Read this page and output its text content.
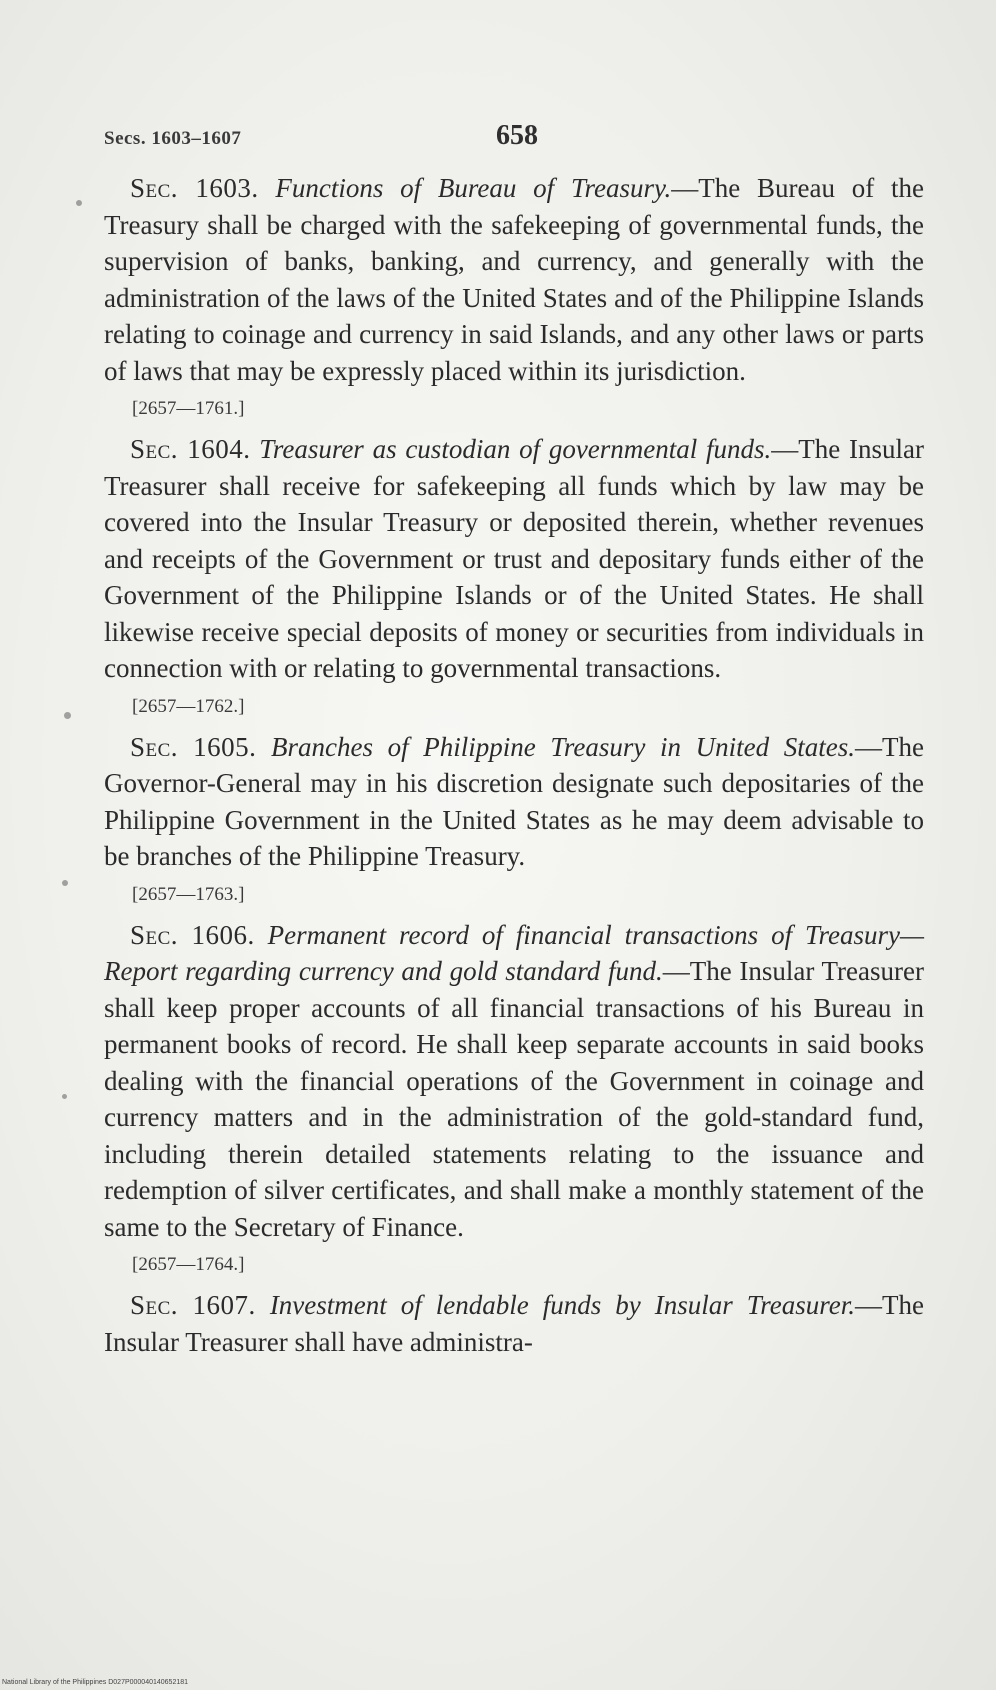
Secs. 1603–1607	658

Sec. 1603. Functions of Bureau of Treasury.—The Bureau of the Treasury shall be charged with the safekeeping of governmental funds, the supervision of banks, banking, and currency, and generally with the administration of the laws of the United States and of the Philippine Islands relating to coinage and currency in said Islands, and any other laws or parts of laws that may be expressly placed within its jurisdiction.

[2657—1761.]

Sec. 1604. Treasurer as custodian of governmental funds.—The Insular Treasurer shall receive for safekeeping all funds which by law may be covered into the Insular Treasury or deposited therein, whether revenues and receipts of the Government or trust and depositary funds either of the Government of the Philippine Islands or of the United States. He shall likewise receive special deposits of money or securities from individuals in connection with or relating to governmental transactions.

[2657—1762.]

Sec. 1605. Branches of Philippine Treasury in United States.—The Governor-General may in his discretion designate such depositaries of the Philippine Government in the United States as he may deem advisable to be branches of the Philippine Treasury.

[2657—1763.]

Sec. 1606. Permanent record of financial transactions of Treasury—Report regarding currency and gold standard fund.—The Insular Treasurer shall keep proper accounts of all financial transactions of his Bureau in permanent books of record. He shall keep separate accounts in said books dealing with the financial operations of the Government in coinage and currency matters and in the administration of the gold-standard fund, including therein detailed statements relating to the issuance and redemption of silver certificates, and shall make a monthly statement of the same to the Secretary of Finance.

[2657—1764.]

Sec. 1607. Investment of lendable funds by Insular Treasurer.—The Insular Treasurer shall have administra-

National Library of the Philippines D027P000040140652181
